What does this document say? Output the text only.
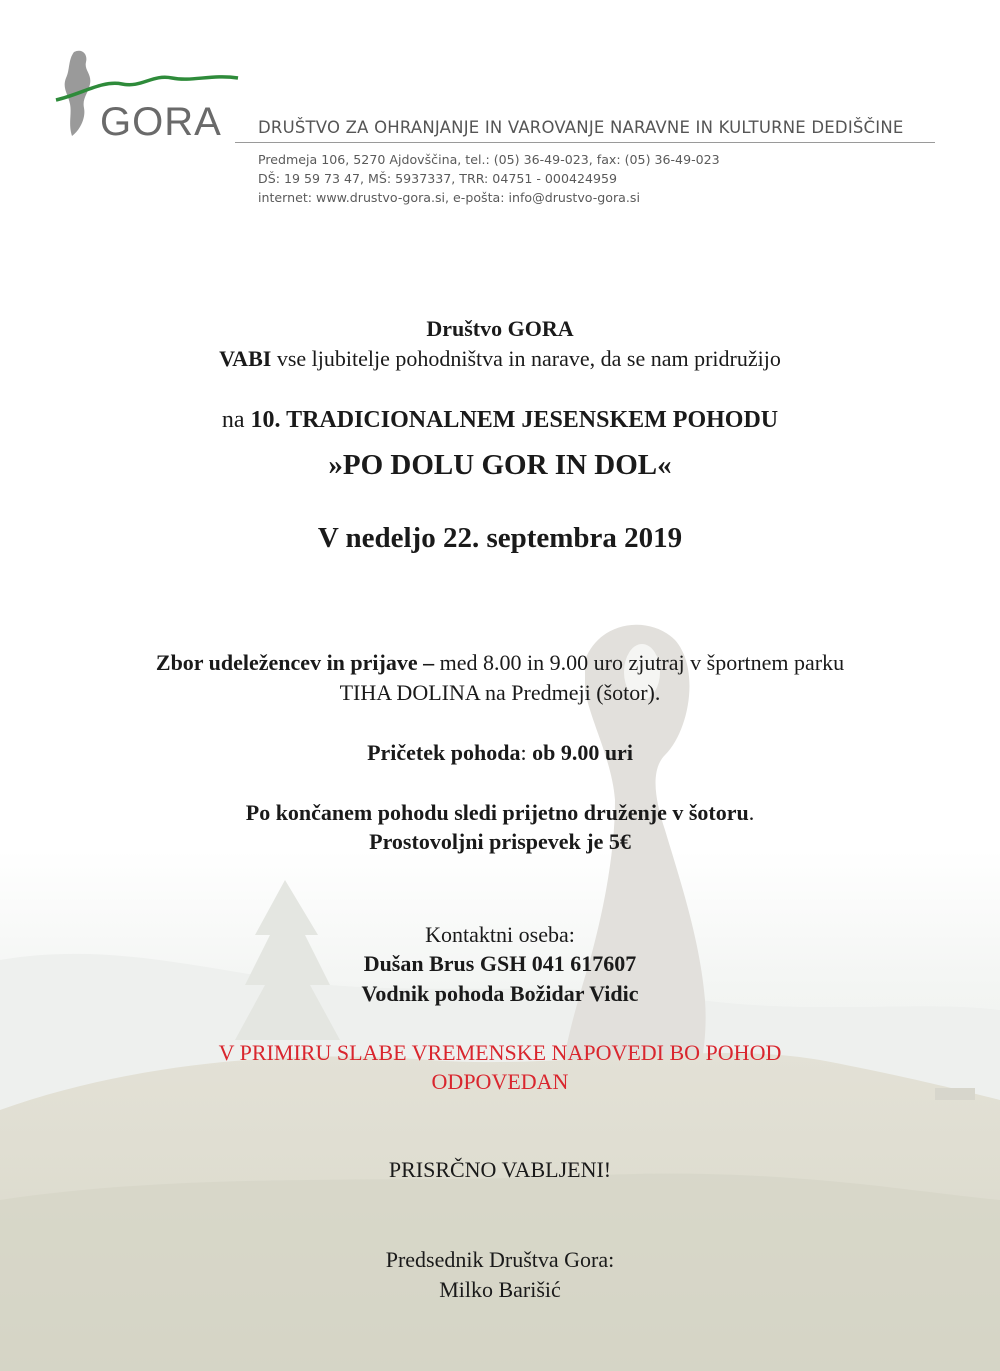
GORA DRUŠTVO ZA OHRANJANJE IN VAROVANJE NARAVNE IN KULTURNE DEDIŠČINE
Predmeja 106, 5270 Ajdovščina, tel.: (05) 36-49-023, fax: (05) 36-49-023
DŠ: 19 59 73 47, MŠ: 5937337, TRR: 04751 - 000424959
internet: www.drustvo-gora.si, e-pošta: info@drustvo-gora.si
Društvo GORA
VABI vse ljubitelje pohodništva in narave, da se nam pridružijo
na 10. TRADICIONALNEM JESENSKEM POHODU
»PO DOLU GOR IN DOL«
V nedeljo 22. septembra 2019
Zbor udeležencev in prijave – med 8.00 in 9.00 uro zjutraj v športnem parku
TIHA DOLINA na Predmeji (šotor).
Pričetek pohoda: ob 9.00 uri
Po končanem pohodu sledi prijetno druženje v šotoru.
Prostovoljni prispevek je 5€
Kontaktni oseba:
Dušan Brus GSH 041 617607
Vodnik pohoda Božidar Vidic
V PRIMIRU SLABE VREMENSKE NAPOVEDI BO POHOD
ODPOVEDAN
PRISRČNO VABLJENI!
Predsednik Društva Gora:
Milko Barišić
